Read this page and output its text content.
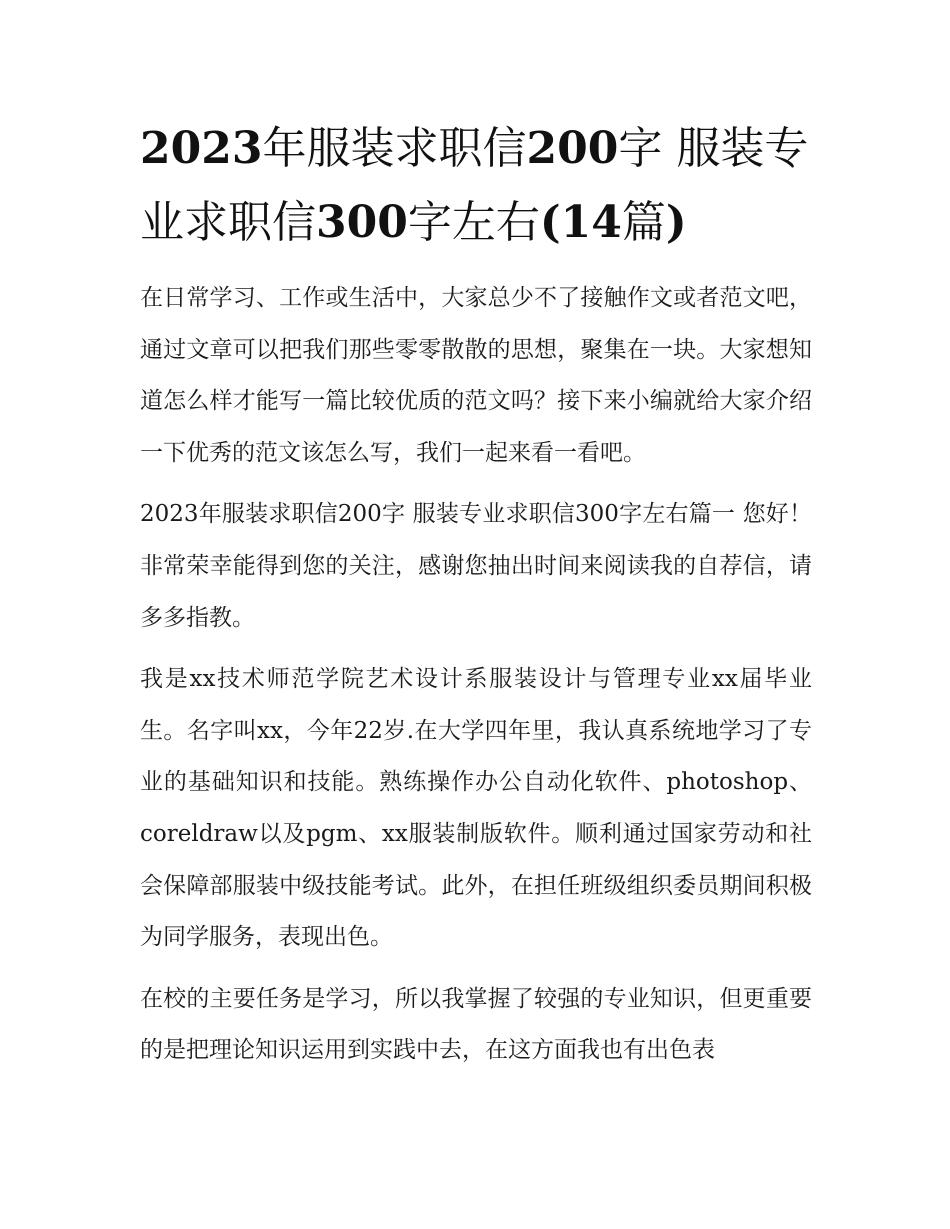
2023年服装求职信200字 服装专业求职信300字左右(14篇)

在日常学习、工作或生活中，大家总少不了接触作文或者范文吧，通过文章可以把我们那些零零散散的思想，聚集在一块。大家想知道怎么样才能写一篇比较优质的范文吗？接下来小编就给大家介绍一下优秀的范文该怎么写，我们一起来看一看吧。

2023年服装求职信200字 服装专业求职信300字左右篇一 您好！ 非常荣幸能得到您的关注，感谢您抽出时间来阅读我的自荐信，请多多指教。

我是xx技术师范学院艺术设计系服装设计与管理专业xx届毕业生。名字叫xx，今年22岁.在大学四年里，我认真系统地学习了专业的基础知识和技能。熟练操作办公自动化软件、photoshop、coreldraw以及pgm、xx服装制版软件。顺利通过国家劳动和社会保障部服装中级技能考试。此外，在担任班级组织委员期间积极为同学服务，表现出色。

在校的主要任务是学习，所以我掌握了较强的专业知识，但更重要的是把理论知识运用到实践中去，在这方面我也有出色表
